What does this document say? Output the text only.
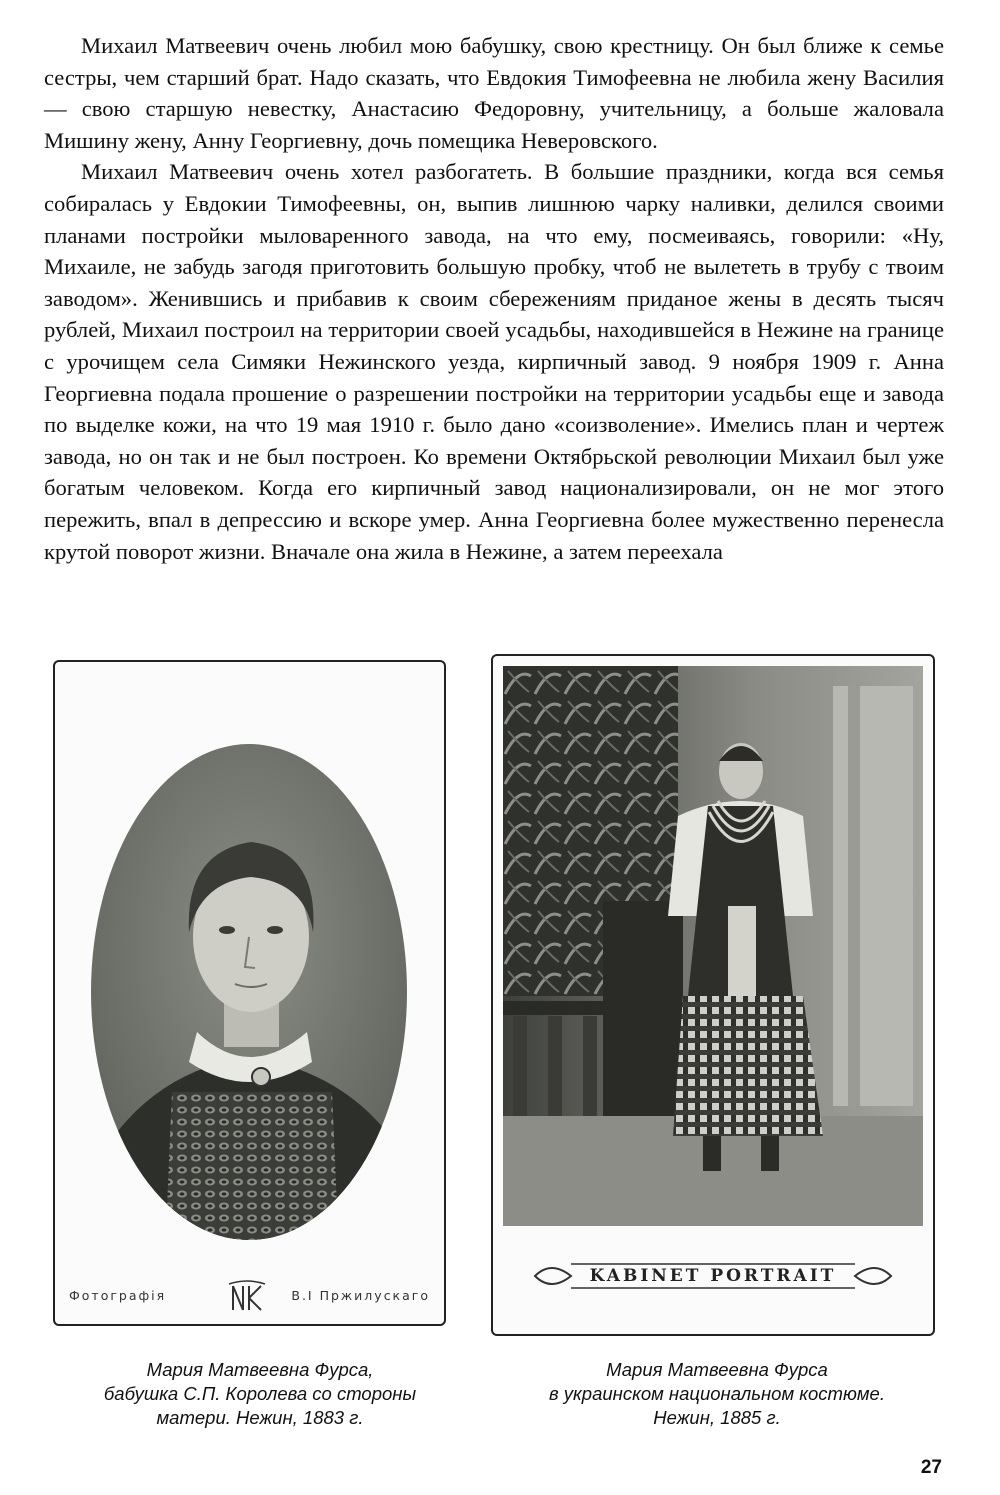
Михаил Матвеевич очень любил мою бабушку, свою крестницу. Он был ближе к семье сестры, чем старший брат. Надо сказать, что Евдокия Тимофеевна не любила жену Василия — свою старшую невестку, Анастасию Федоровну, учительницу, а больше жаловала Мишину жену, Анну Георгиевну, дочь помещика Неверовского.

Михаил Матвеевич очень хотел разбогатеть. В большие праздники, когда вся семья собиралась у Евдокии Тимофеевны, он, выпив лишнюю чарку наливки, делился своими планами постройки мыловаренного завода, на что ему, посмеиваясь, говорили: «Ну, Михаиле, не забудь загодя приготовить большую пробку, чтоб не вылететь в трубу с твоим заводом». Женившись и прибавив к своим сбережениям приданое жены в десять тысяч рублей, Михаил построил на территории своей усадьбы, находившейся в Нежине на границе с урочищем села Симяки Нежинского уезда, кирпичный завод. 9 ноября 1909 г. Анна Георгиевна подала прошение о разрешении постройки на территории усадьбы еще и завода по выделке кожи, на что 19 мая 1910 г. было дано «соизволение». Имелись план и чертеж завода, но он так и не был построен. Ко времени Октябрьской революции Михаил был уже богатым человеком. Когда его кирпичный завод национализировали, он не мог этого пережить, впал в депрессию и вскоре умер. Анна Георгиевна более мужественно перенесла крутой поворот жизни. Вначале она жила в Нежине, а затем переехала

Фотографія	В.І Пржилускаго
KABINET PORTRAIT
Мария Матвеевна Фурса,
бабушка С.П. Королева со стороны
матери. Нежин, 1883 г.
Мария Матвеевна Фурса
в украинском национальном костюме.
Нежин, 1885 г.
27
